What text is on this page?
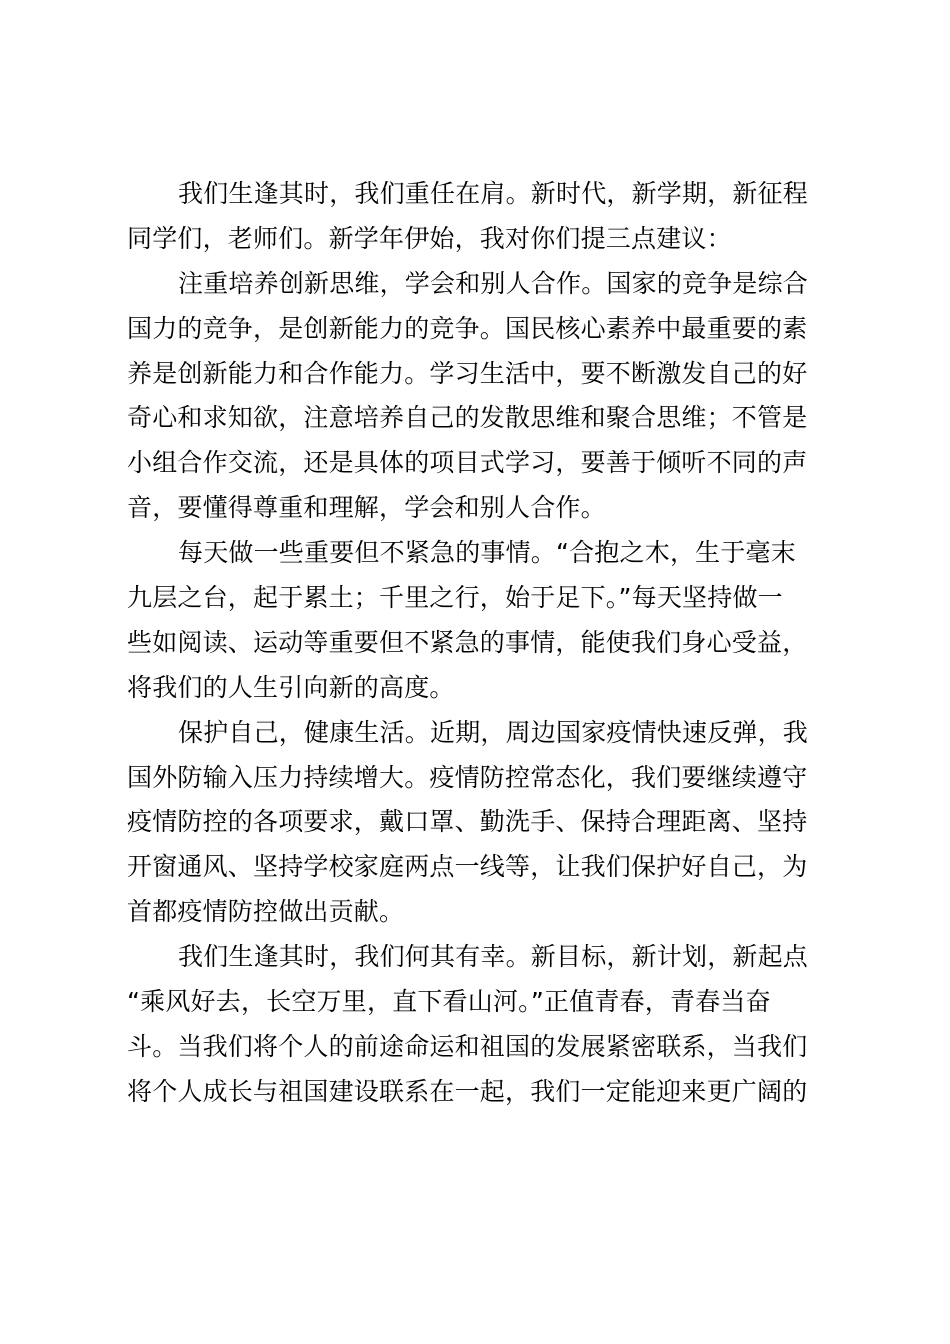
我们生逢其时，我们重任在肩。新时代，新学期，新征程
同学们，老师们。新学年伊始，我对你们提三点建议：
注重培养创新思维，学会和别人合作。国家的竞争是综合
国力的竞争，是创新能力的竞争。国民核心素养中最重要的素
养是创新能力和合作能力。学习生活中，要不断激发自己的好
奇心和求知欲，注意培养自己的发散思维和聚合思维；不管是
小组合作交流，还是具体的项目式学习，要善于倾听不同的声
音，要懂得尊重和理解，学会和别人合作。
每天做一些重要但不紧急的事情。“合抱之木，生于毫末
九层之台，起于累土；千里之行，始于足下。”每天坚持做一
些如阅读、运动等重要但不紧急的事情，能使我们身心受益，
将我们的人生引向新的高度。
保护自己，健康生活。近期，周边国家疫情快速反弹，我
国外防输入压力持续增大。疫情防控常态化，我们要继续遵守
疫情防控的各项要求，戴口罩、勤洗手、保持合理距离、坚持
开窗通风、坚持学校家庭两点一线等，让我们保护好自己，为
首都疫情防控做出贡献。
我们生逢其时，我们何其有幸。新目标，新计划，新起点
“乘风好去，长空万里，直下看山河。”正值青春，青春当奋
斗。当我们将个人的前途命运和祖国的发展紧密联系，当我们
将个人成长与祖国建设联系在一起，我们一定能迎来更广阔的
